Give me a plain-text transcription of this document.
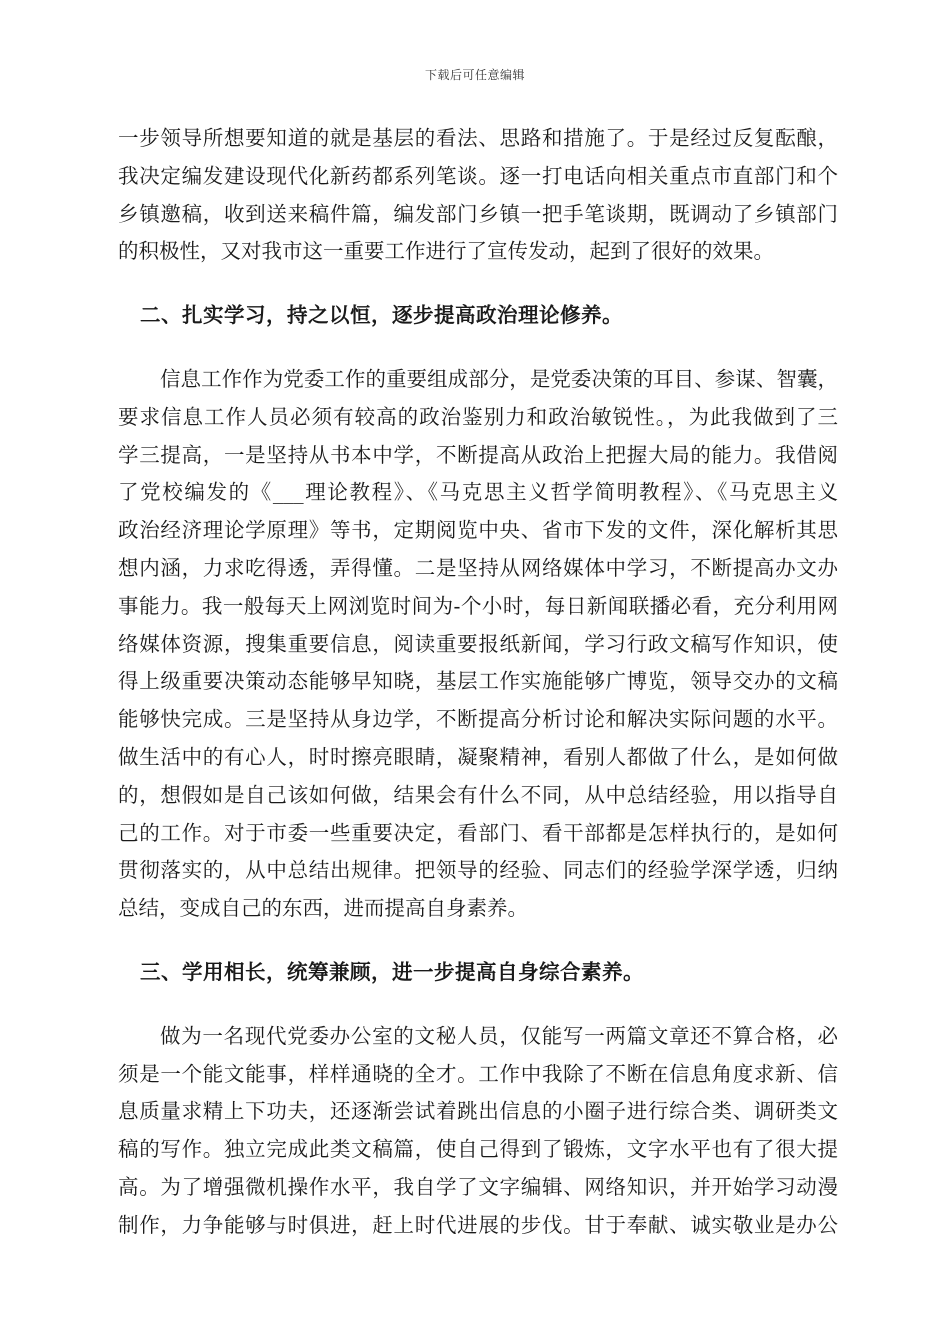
下载后可任意编辑
一步领导所想要知道的就是基层的看法、思路和措施了。于是经过反复酝酿，
我决定编发建设现代化新药都系列笔谈。逐一打电话向相关重点市直部门和个
乡镇邀稿，收到送来稿件篇，编发部门乡镇一把手笔谈期，既调动了乡镇部门
的积极性，又对我市这一重要工作进行了宣传发动，起到了很好的效果。
二、扎实学习，持之以恒，逐步提高政治理论修养。
信息工作作为党委工作的重要组成部分，是党委决策的耳目、参谋、智囊，
要求信息工作人员必须有较高的政治鉴别力和政治敏锐性。，为此我做到了三
学三提高，一是坚持从书本中学，不断提高从政治上把握大局的能力。我借阅
了党校编发的《___理论教程》、《马克思主义哲学简明教程》、《马克思主义
政治经济理论学原理》等书，定期阅览中央、省市下发的文件，深化解析其思
想内涵，力求吃得透，弄得懂。二是坚持从网络媒体中学习，不断提高办文办
事能力。我一般每天上网浏览时间为-个小时，每日新闻联播必看，充分利用网
络媒体资源，搜集重要信息，阅读重要报纸新闻，学习行政文稿写作知识，使
得上级重要决策动态能够早知晓，基层工作实施能够广博览，领导交办的文稿
能够快完成。三是坚持从身边学，不断提高分析讨论和解决实际问题的水平。
做生活中的有心人，时时擦亮眼睛，凝聚精神，看别人都做了什么，是如何做
的，想假如是自己该如何做，结果会有什么不同，从中总结经验，用以指导自
己的工作。对于市委一些重要决定，看部门、看干部都是怎样执行的，是如何
贯彻落实的，从中总结出规律。把领导的经验、同志们的经验学深学透，归纳
总结，变成自己的东西，进而提高自身素养。
三、学用相长，统筹兼顾，进一步提高自身综合素养。
做为一名现代党委办公室的文秘人员，仅能写一两篇文章还不算合格，必
须是一个能文能事，样样通晓的全才。工作中我除了不断在信息角度求新、信
息质量求精上下功夫，还逐渐尝试着跳出信息的小圈子进行综合类、调研类文
稿的写作。独立完成此类文稿篇，使自己得到了锻炼，文字水平也有了很大提
高。为了增强微机操作水平，我自学了文字编辑、网络知识，并开始学习动漫
制作，力争能够与时俱进，赶上时代进展的步伐。甘于奉献、诚实敬业是办公
